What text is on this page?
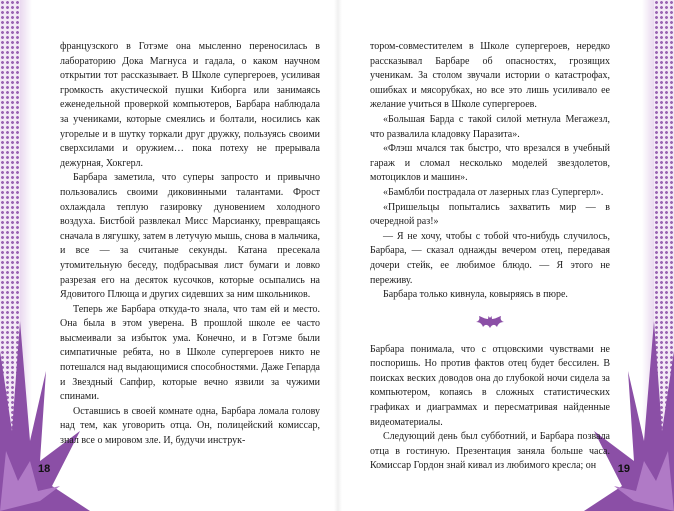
французского в Готэме она мысленно переносилась в лабораторию Дока Магнуса и гадала, о каком научном открытии тот рассказывает. В Школе супергероев, усиливая громкость акустической пушки Киборга или занимаясь еженедельной проверкой компьютеров, Барбара наблюдала за учениками, которые смеялись и болтали, носились как угорелые и в шутку торкали друг дружку, пользуясь своими сверхсилами и оружием… пока потеху не прерывала дежурная, Хокгерл.

Барбара заметила, что суперы запросто и привычно пользовались своими диковинными талантами. Фрост охлаждала теплую газировку дуновением холодного воздуха. Бистбой развлекал Мисс Марсианку, превращаясь сначала в лягушку, затем в летучую мышь, снова в мальчика, и все — за считаные секунды. Катана пресекала утомительную беседу, подбрасывая лист бумаги и ловко разрезая его на десяток кусочков, которые осыпались на Ядовитого Плюща и других сидевших за ним школьников.

Теперь же Барбара откуда-то знала, что там ей и место. Она была в этом уверена. В прошлой школе ее часто высмеивали за избыток ума. Конечно, и в Готэме были симпатичные ребята, но в Школе супергероев никто не потешался над выдающимися способностями. Даже Гепарда и Звездный Сапфир, которые вечно язвили за чужими спинами.

Оставшись в своей комнате одна, Барбара ломала голову над тем, как уговорить отца. Он, полицейский комиссар, знал все о мировом зле. И, будучи инструк-

тором-совместителем в Школе супергероев, нередко рассказывал Барбаре об опасностях, грозящих ученикам. За столом звучали истории о катастрофах, ошибках и мясорубках, но все это лишь усиливало ее желание учиться в Школе супергероев.

«Большая Барда с такой силой метнула Мегажезл, что развалила кладовку Паразита».

«Флэш мчался так быстро, что врезался в учебный гараж и сломал несколько моделей звездолетов, мотоциклов и машин».

«Бамблби пострадала от лазерных глаз Супергерл».

«Пришельцы попытались захватить мир — в очередной раз!»

— Я не хочу, чтобы с тобой что-нибудь случилось, Барбара, — сказал однажды вечером отец, передавая дочери стейк, ее любимое блюдо. — Я этого не переживу.

Барбара только кивнула, ковыряясь в пюре.

Барбара понимала, что с отцовскими чувствами не поспоришь. Но против фактов отец будет бессилен. В поисках веских доводов она до глубокой ночи сидела за компьютером, копаясь в сложных статистических графиках и диаграммах и пересматривая найденные видеоматериалы.

Следующий день был субботний, и Барбара позвала отца в гостиную. Презентация заняла больше часа. Комиссар Гордон знай кивал из любимого кресла; он

18	19
